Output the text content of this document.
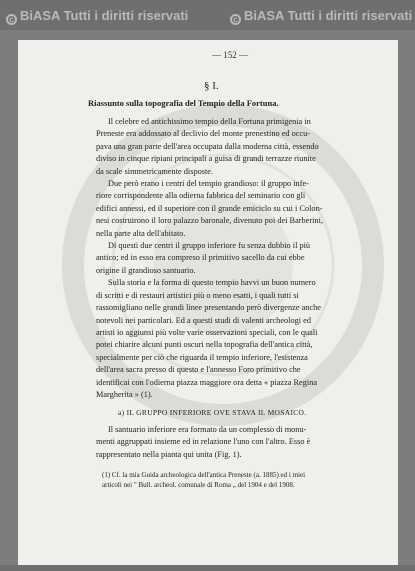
c BiASA Tutti i diritti riservati	c BiASA Tutti i diritti riservati
— 152 —
§ I.
Riassunto sulla topografia del Tempio della Fortuna.
Il celebre ed antichissimo tempio della Fortuna primigenia in
Preneste era addossato al declivio del monte prenestino ed occu-
pava una gran parte dell'area occupata dalla moderna città, essendo
diviso in cinque ripiani principali a guisa di grandi terrazze riunite
da scale simmetricamente disposte.
Due però erano i centri del tempio grandioso: il gruppo infe-
riore corrispondente alla odierna fabbrica del seminario con gli
edifici annessi, ed il superiore con il grande emiciclo su cui i Colon-
nesi costruirono il loro palazzo baronale, divenuto poi dei Barberini,
nella parte alta dell'abitato.
Di questi due centri il gruppo inferiore fu senza dubbio il più
antico; ed in esso era compreso il primitivo sacello da cui ebbe
origine il grandioso santuario.
Sulla storia e la forma di questo tempio havvi un buon numero
di scritti e di restauri artistici più o meno esatti, i quali tutti si
rassomigliano nelle grandi linee presentando però divergenze anche
notevoli nei particolari. Ed a questi studi di valenti archeologi ed
artisti io aggiunsi più volte varie osservazioni speciali, con le quali
potei chiarire alcuni punti oscuri nella topografia dell'antica città,
specialmente per ciò che riguarda il tempio inferiore, l'esistenza
dell'area sacra presso di questo e l'annesso Foro primitivo che
identificai con l'odierna piazza maggiore ora detta « piazza Regina
Margherita » (1).
a) IL GRUPPO INFERIORE OVE STAVA IL MOSAICO.
Il santuario inferiore era formato da un complesso di monu-
menti aggruppati insieme ed in relazione l'uno con l'altro. Esso è
rappresentato nella pianta qui unita (Fig. 1).
(1) Cf. la mia Guida archeologica dell'antica Preneste (a. 1885) ed i miei
articoli nei " Bull. archeol. comunale di Roma „ del 1904 e del 1908.
